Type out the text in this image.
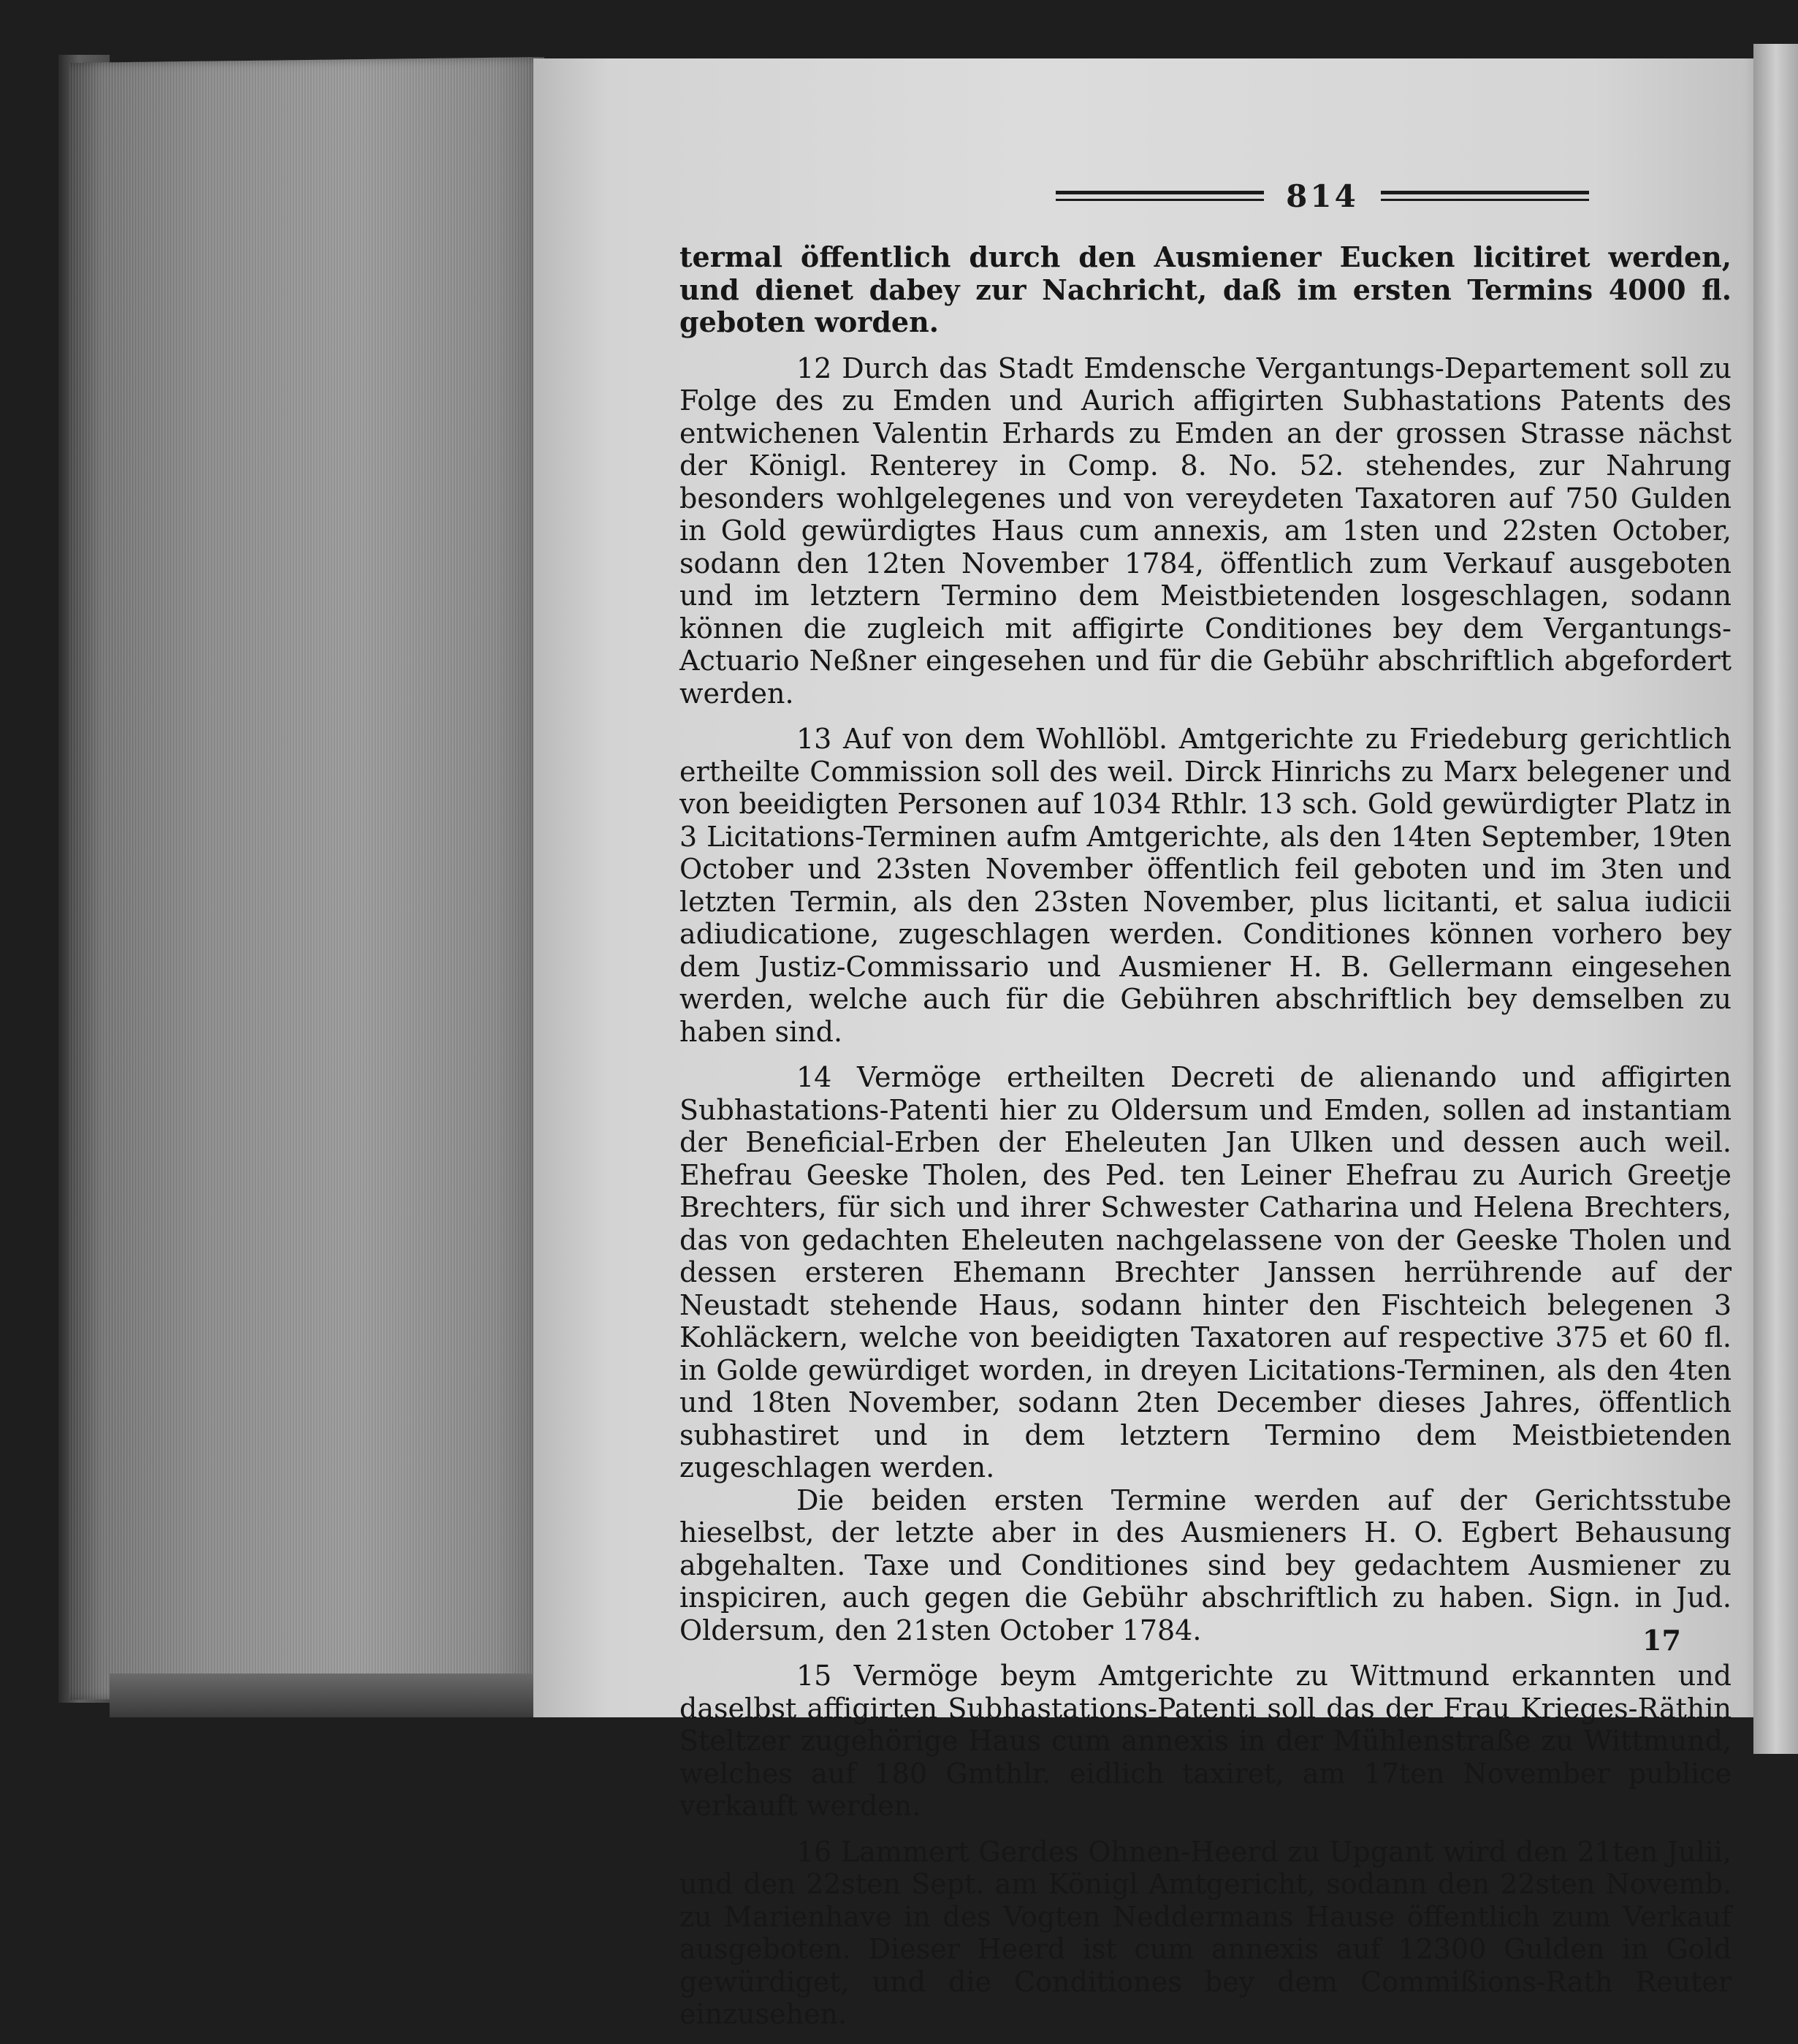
814

termal öffentlich durch den Ausmiener Eucken licitiret werden, und dienet dabey zur Nachricht, daß im ersten Termins 4000 fl. geboten worden.

12 Durch das Stadt Emdensche Vergantungs-Departement soll zu Folge des zu Emden und Aurich affigirten Subhastations Patents des entwichenen Valentin Erhards zu Emden an der grossen Strasse nächst der Königl. Renterey in Comp. 8. No. 52. stehendes, zur Nahrung besonders wohlgelegenes und von vereydeten Taxatoren auf 750 Gulden in Gold gewürdigtes Haus cum annexis, am 1sten und 22sten October, sodann den 12ten November 1784, öffentlich zum Verkauf ausgeboten und im letztern Termino dem Meistbietenden losgeschlagen, sodann können die zugleich mit affigirte Conditiones bey dem Vergantungs-Actuario Neßner eingesehen und für die Gebühr abschriftlich abgefordert werden.

13 Auf von dem Wohllöbl. Amtgerichte zu Friedeburg gerichtlich ertheilte Commission soll des weil. Dirck Hinrichs zu Marx belegener und von beeidigten Personen auf 1034 Rthlr. 13 sch. Gold gewürdigter Platz in 3 Licitations-Terminen aufm Amtgerichte, als den 14ten September, 19ten October und 23sten November öffentlich feil geboten und im 3ten und letzten Termin, als den 23sten November, plus licitanti, et salua iudicii adiudicatione, zugeschlagen werden. Conditiones können vorhero bey dem Justiz-Commissario und Ausmiener H. B. Gellermann eingesehen werden, welche auch für die Gebühren abschriftlich bey demselben zu haben sind.

14 Vermöge ertheilten Decreti de alienando und affigirten Subhastations-Patenti hier zu Oldersum und Emden, sollen ad instantiam der Beneficial-Erben der Eheleuten Jan Ulken und dessen auch weil. Ehefrau Geeske Tholen, des Ped. ten Leiner Ehefrau zu Aurich Greetje Brechters, für sich und ihrer Schwester Catharina und Helena Brechters, das von gedachten Eheleuten nachgelassene von der Geeske Tholen und dessen ersteren Ehemann Brechter Janssen herrührende auf der Neustadt stehende Haus, sodann hinter den Fischteich belegenen 3 Kohläckern, welche von beeidigten Taxatoren auf respective 375 et 60 fl. in Golde gewürdiget worden, in dreyen Licitations-Terminen, als den 4ten und 18ten November, sodann 2ten December dieses Jahres, öffentlich subhastiret und in dem letztern Termino dem Meistbietenden zugeschlagen werden.

Die beiden ersten Termine werden auf der Gerichtsstube hieselbst, der letzte aber in des Ausmieners H. O. Egbert Behausung abgehalten. Taxe und Conditiones sind bey gedachtem Ausmiener zu inspiciren, auch gegen die Gebühr abschriftlich zu haben. Sign. in Jud. Oldersum, den 21sten October 1784.

15 Vermöge beym Amtgerichte zu Wittmund erkannten und daselbst affigirten Subhastations-Patenti soll das der Frau Krieges-Räthin Steltzer zugehörige Haus cum annexis in der Mühlenstraße zu Wittmund, welches auf 180 Gmthlr. eidlich taxiret, am 17ten November publice verkauft werden.

16 Lammert Gerdes Ohnen-Heerd zu Upgant wird den 21ten Julii, und den 22sten Sept. am Königl Amtgericht, sodann den 22sten Novemb. zu Marienhave in des Vogten Neddermans Hause öffentlich zum Verkauf ausgeboten. Dieser Heerd ist cum annexis auf 12300 Gulden in Gold gewürdiget, und die Conditiones bey dem Commißions-Rath Reuter einzusehen.

17
